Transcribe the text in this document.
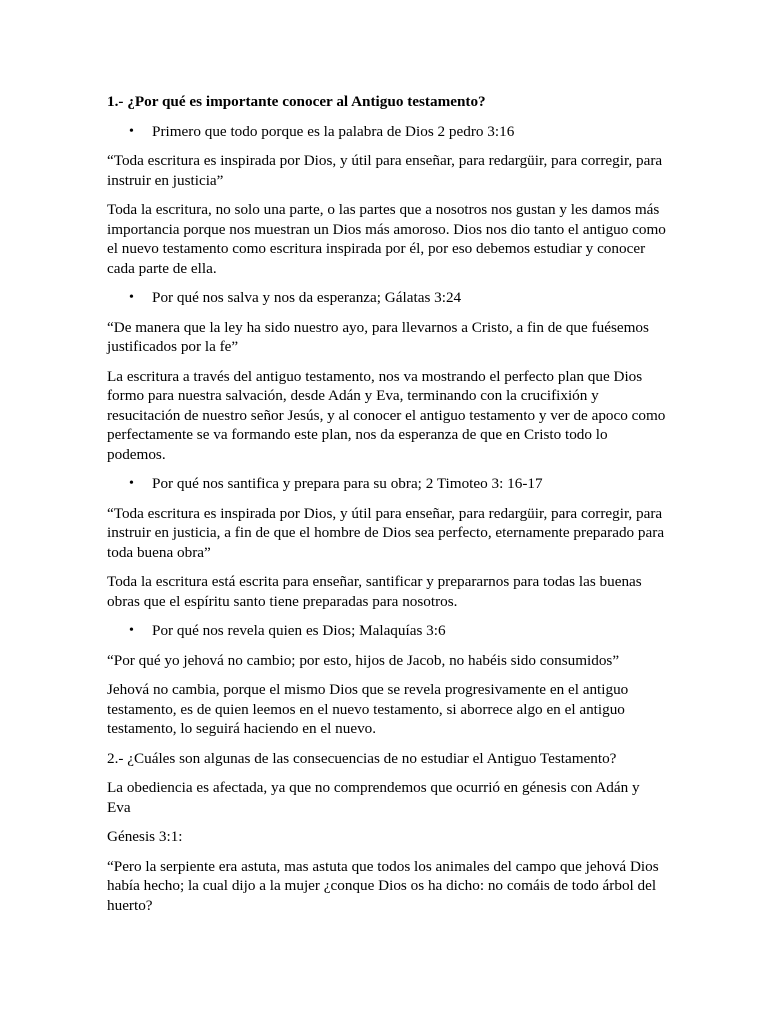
1.- ¿Por qué es importante conocer al Antiguo testamento?

• Primero que todo porque es la palabra de Dios 2 pedro 3:16

“Toda escritura es inspirada por Dios, y útil para enseñar, para redargüir, para corregir, para instruir en justicia”

Toda la escritura, no solo una parte, o las partes que a nosotros nos gustan y les damos más importancia porque nos muestran un Dios más amoroso. Dios nos dio tanto el antiguo como el nuevo testamento como escritura inspirada por él, por eso debemos estudiar y conocer cada parte de ella.

• Por qué nos salva y nos da esperanza; Gálatas 3:24

“De manera que la ley ha sido nuestro ayo, para llevarnos a Cristo, a fin de que fuésemos justificados por la fe”

La escritura a través del antiguo testamento, nos va mostrando el perfecto plan que Dios formo para nuestra salvación, desde Adán y Eva, terminando con la crucifixión y resucitación de nuestro señor Jesús, y al conocer el antiguo testamento y ver de apoco como perfectamente se va formando este plan, nos da esperanza de que en Cristo todo lo podemos.

• Por qué nos santifica y prepara para su obra; 2 Timoteo 3: 16-17

“Toda escritura es inspirada por Dios, y útil para enseñar, para redargüir, para corregir, para instruir en justicia, a fin de que el hombre de Dios sea perfecto, eternamente preparado para toda buena obra”

Toda la escritura está escrita para enseñar, santificar y prepararnos para todas las buenas obras que el espíritu santo tiene preparadas para nosotros.

• Por qué nos revela quien es Dios; Malaquías 3:6

“Por qué yo jehová no cambio; por esto, hijos de Jacob, no habéis sido consumidos”

Jehová no cambia, porque el mismo Dios que se revela progresivamente en el antiguo testamento, es de quien leemos en el nuevo testamento, si aborrece algo en el antiguo testamento, lo seguirá haciendo en el nuevo.

2.- ¿Cuáles son algunas de las consecuencias de no estudiar el Antiguo Testamento?

La obediencia es afectada, ya que no comprendemos que ocurrió en génesis con Adán y Eva

Génesis 3:1:

“Pero la serpiente era astuta, mas astuta que todos los animales del campo que jehová Dios había hecho; la cual dijo a la mujer ¿conque Dios os ha dicho: no comáis de todo árbol del huerto?
